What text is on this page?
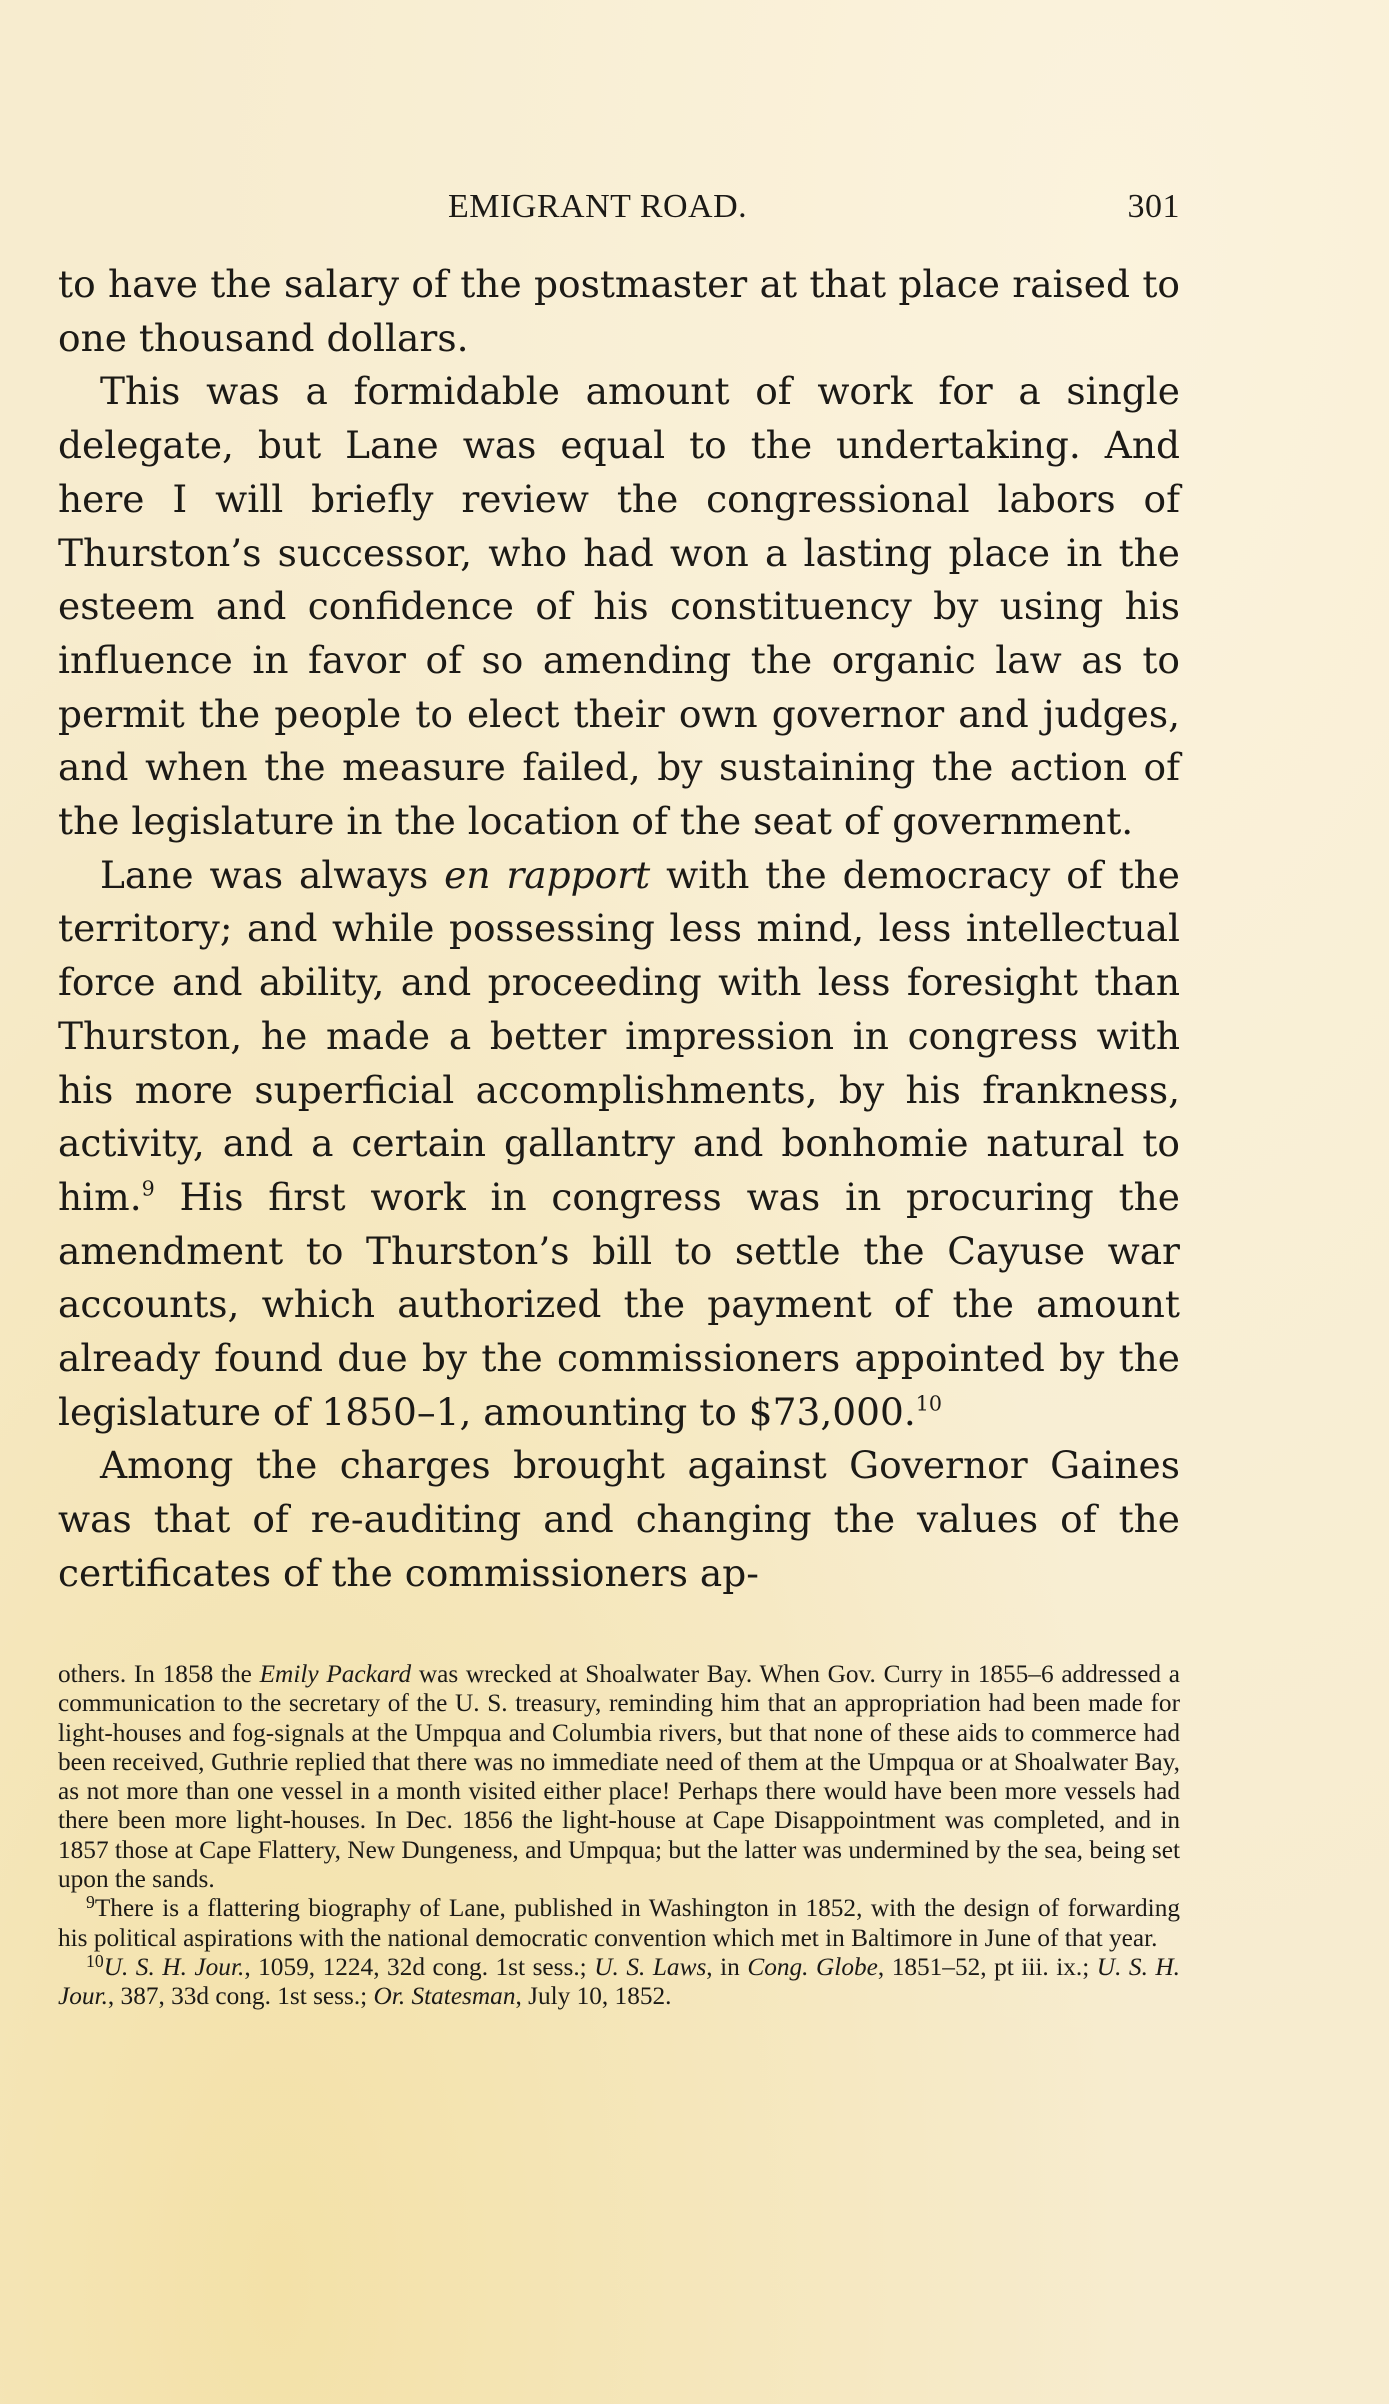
EMIGRANT ROAD.	301

to have the salary of the postmaster at that place raised to one thousand dollars.

This was a formidable amount of work for a single delegate, but Lane was equal to the undertaking. And here I will briefly review the congressional labors of Thurston’s successor, who had won a lasting place in the esteem and confidence of his constituency by using his influence in favor of so amending the organic law as to permit the people to elect their own governor and judges, and when the measure failed, by sustaining the action of the legislature in the location of the seat of government.

Lane was always en rapport with the democracy of the territory; and while possessing less mind, less intellectual force and ability, and proceeding with less foresight than Thurston, he made a better impression in congress with his more superficial accomplishments, by his frankness, activity, and a certain gallantry and bonhomie natural to him.$^9$ His first work in congress was in procuring the amendment to Thurston’s bill to settle the Cayuse war accounts, which authorized the payment of the amount already found due by the commissioners appointed by the legislature of 1850–1, amounting to $73,000.10

Among the charges brought against Governor Gaines was that of re-auditing and changing the values of the certificates of the commissioners ap-

others. In 1858 the Emily Packard was wrecked at Shoalwater Bay. When Gov. Curry in 1855–6 addressed a communication to the secretary of the U. S. treasury, reminding him that an appropriation had been made for light-houses and fog-signals at the Umpqua and Columbia rivers, but that none of these aids to commerce had been received, Guthrie replied that there was no immediate need of them at the Umpqua or at Shoalwater Bay, as not more than one vessel in a month visited either place! Perhaps there would have been more vessels had there been more light-houses. In Dec. 1856 the light-house at Cape Disappointment was completed, and in 1857 those at Cape Flattery, New Dungeness, and Umpqua; but the latter was undermined by the sea, being set upon the sands.

$^9$There is a flattering biography of Lane, published in Washington in 1852, with the design of forwarding his political aspirations with the national democratic convention which met in Baltimore in June of that year.

$^{10}$U. S. H. Jour., 1059, 1224, 32d cong. 1st sess.; U. S. Laws, in Cong. Globe, 1851–52, pt iii. ix.; U. S. H. Jour., 387, 33d cong. 1st sess.; Or. Statesman, July 10, 1852.
